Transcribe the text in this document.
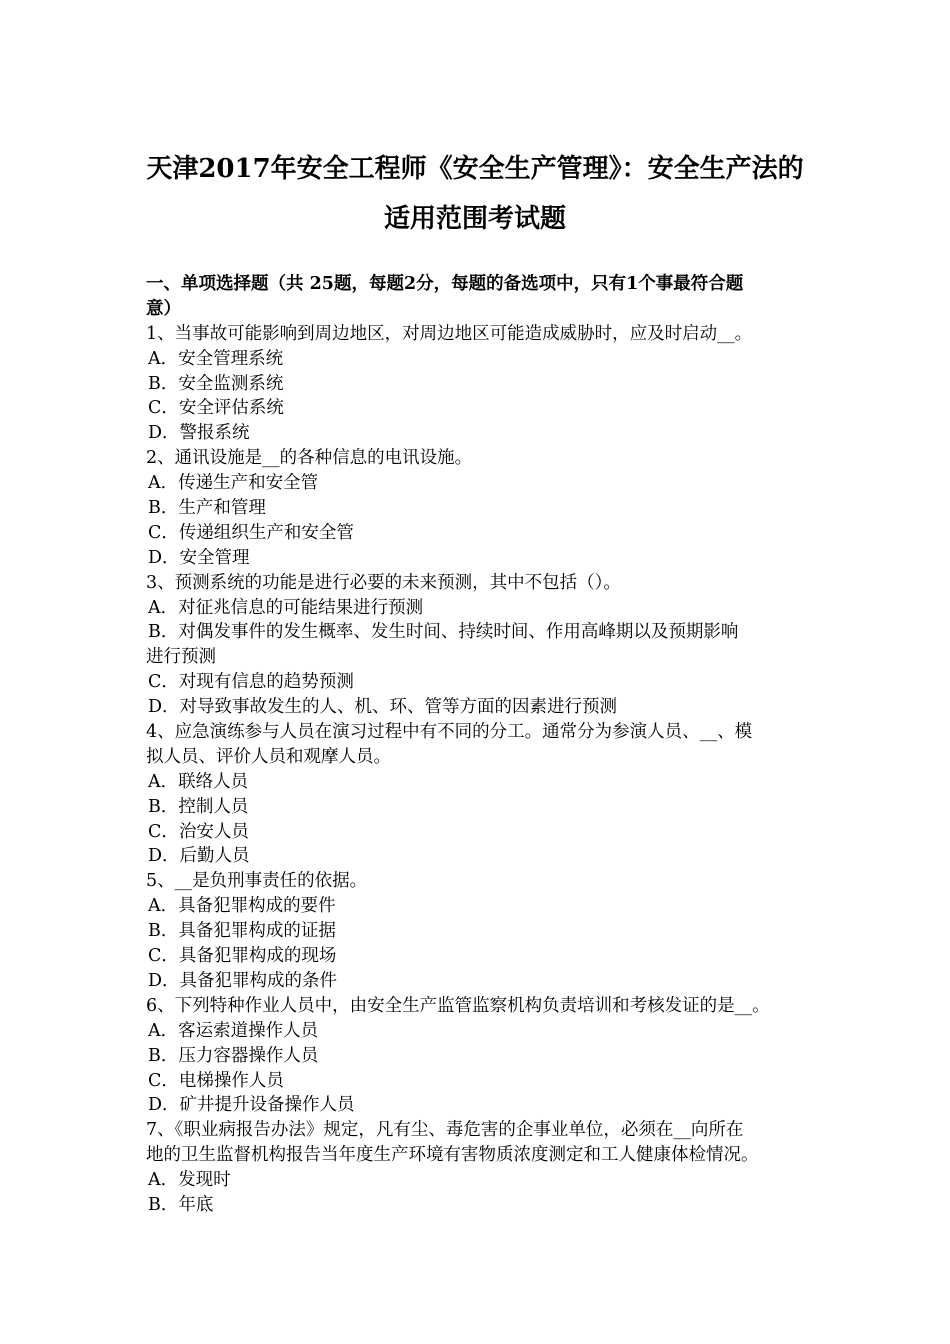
天津2017年安全工程师《安全生产管理》：安全生产法的
适用范围考试题
一、单项选择题（共 25题，每题2分，每题的备选项中，只有1个事最符合题
意）
1、当事故可能影响到周边地区，对周边地区可能造成威胁时，应及时启动__。
A．安全管理系统
B．安全监测系统
C．安全评估系统
D．警报系统
2、通讯设施是__的各种信息的电讯设施。
A．传递生产和安全管
B．生产和管理
C．传递组织生产和安全管
D．安全管理
3、预测系统的功能是进行必要的未来预测，其中不包括（）。
A．对征兆信息的可能结果进行预测
B．对偶发事件的发生概率、发生时间、持续时间、作用高峰期以及预期影响
进行预测
C．对现有信息的趋势预测
D．对导致事故发生的人、机、环、管等方面的因素进行预测
4、应急演练参与人员在演习过程中有不同的分工。通常分为参演人员、__、模
拟人员、评价人员和观摩人员。
A．联络人员
B．控制人员
C．治安人员
D．后勤人员
5、__是负刑事责任的依据。
A．具备犯罪构成的要件
B．具备犯罪构成的证据
C．具备犯罪构成的现场
D．具备犯罪构成的条件
6、下列特种作业人员中，由安全生产监管监察机构负责培训和考核发证的是__。
A．客运索道操作人员
B．压力容器操作人员
C．电梯操作人员
D．矿井提升设备操作人员
7、《职业病报告办法》规定，凡有尘、毒危害的企事业单位，必须在__向所在
地的卫生监督机构报告当年度生产环境有害物质浓度测定和工人健康体检情况。
A．发现时
B．年底
